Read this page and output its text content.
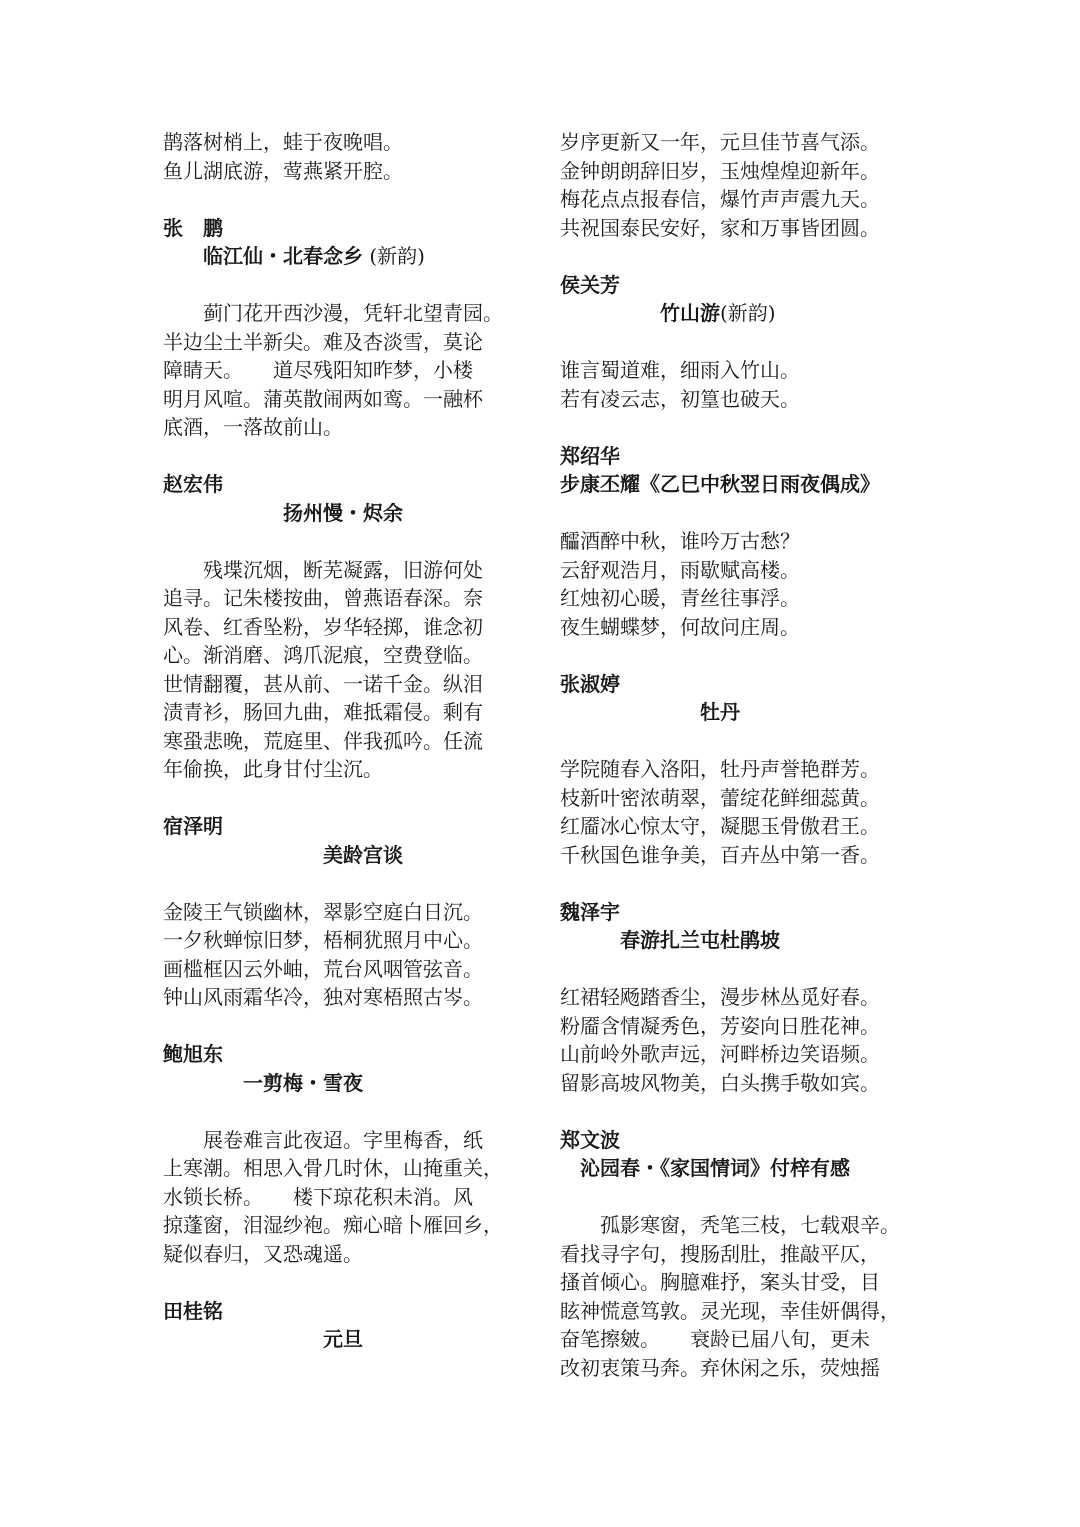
鹊落树梢上，蛙于夜晚唱。
鱼儿湖底游，莺燕紧开腔。
张　鹏
　　临江仙・北春念乡 (新韵)
　　蓟门花开西沙漫，凭轩北望青园。
半边尘土半新尖。难及杏淡雪，莫论
障睛天。　　道尽残阳知昨梦，小楼
明月风喧。蒲英散闹两如鸾。一融杯
底酒，一落故前山。
赵宏伟
　　　　　　扬州慢・烬余
　　残堞沉烟，断芜凝露，旧游何处
追寻。记朱楼按曲，曾燕语春深。奈
风卷、红香坠粉，岁华轻掷，谁念初
心。渐消磨、鸿爪泥痕，空费登临。
世情翻覆，甚从前、一诺千金。纵泪
渍青衫，肠回九曲，难抵霜侵。剩有
寒蛩悲晚，荒庭里、伴我孤吟。任流
年偷换，此身甘付尘沉。
宿泽明
　　　　　　　　美龄宫谈
金陵王气锁幽林，翠影空庭白日沉。
一夕秋蝉惊旧梦，梧桐犹照月中心。
画槛框囚云外岫，荒台风咽管弦音。
钟山风雨霜华冷，独对寒梧照古岑。
鲍旭东
　　　　一剪梅・雪夜
　　展卷难言此夜迢。字里梅香，纸
上寒潮。相思入骨几时休，山掩重关，
水锁长桥。　　楼下琼花积未消。风
掠蓬窗，泪湿纱袍。痴心暗卜雁回乡，
疑似春归，又恐魂遥。
田桂铭
　　　　　　　　元旦
岁序更新又一年，元旦佳节喜气添。
金钟朗朗辞旧岁，玉烛煌煌迎新年。
梅花点点报春信，爆竹声声震九天。
共祝国泰民安好，家和万事皆团圆。
侯关芳
　　　　　竹山游(新韵)
谁言蜀道难，细雨入竹山。
若有凌云志，初篁也破天。
郑绍华
步康丕耀《乙巳中秋翌日雨夜偶成》
醽酒醉中秋，谁吟万古愁？
云舒观浩月，雨歇赋高楼。
红烛初心暖，青丝往事浮。
夜生蝴蝶梦，何故问庄周。
张淑婷
　　　　　　　牡丹
学院随春入洛阳，牡丹声誉艳群芳。
枝新叶密浓萌翠，蕾绽花鲜细蕊黄。
红靥冰心惊太守，凝腮玉骨傲君王。
千秋国色谁争美，百卉丛中第一香。
魏泽宇
　　　春游扎兰屯杜鹃坡
红裙轻飏踏香尘，漫步林丛觅好春。
粉靥含情凝秀色，芳姿向日胜花神。
山前岭外歌声远，河畔桥边笑语频。
留影高坡风物美，白头携手敬如宾。
郑文波
　沁园春・《家国情词》付梓有感
　　孤影寒窗，秃笔三枝，七载艰辛。
看找寻字句，搜肠刮肚，推敲平仄，
搔首倾心。胸臆难抒，案头甘受，目
眩神慌意笃敦。灵光现，幸佳妍偶得，
奋笔擦皴。　　衰龄已届八旬，更未
改初衷策马奔。弃休闲之乐，荧烛摇
